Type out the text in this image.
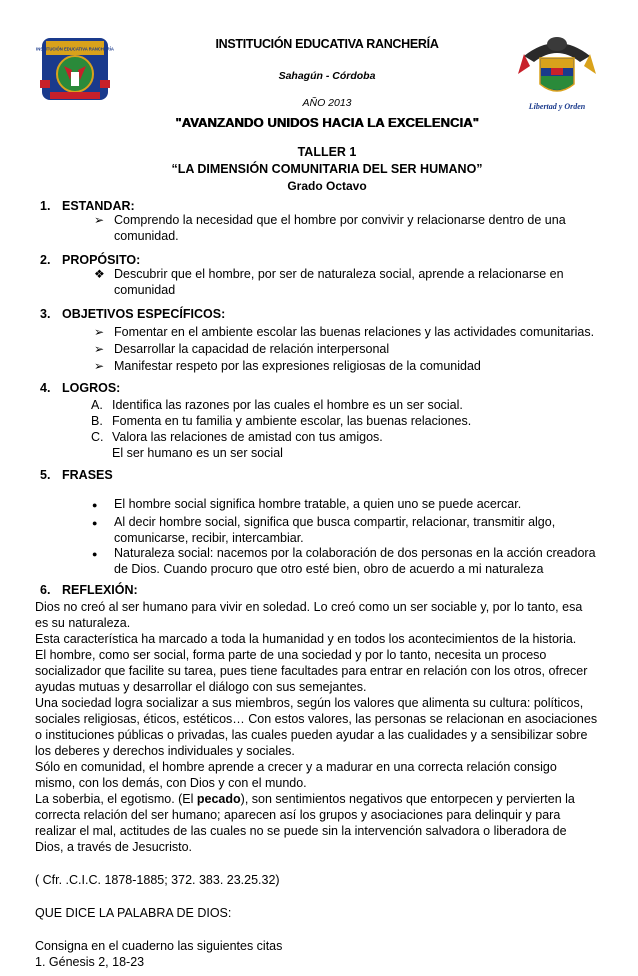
INSTITUCIÓN EDUCATIVA RANCHERÍA
Libertad y Orden
INSTITUCIÓN EDUCATIVA RANCHERÍA
Sahagún - Córdoba
AÑO 2013
"AVANZANDO UNIDOS HACIA LA EXCELENCIA"
TALLER 1
“LA DIMENSIÓN COMUNITARIA DEL SER HUMANO”
Grado Octavo
1. ESTANDAR:
➢ Comprendo la necesidad que el hombre por convivir y relacionarse dentro de una
comunidad.
2. PROPÓSITO:
❖ Descubrir que el hombre, por ser de naturaleza social, aprende a relacionarse en
comunidad
3. OBJETIVOS ESPECÍFICOS:
➢ Fomentar en el ambiente escolar las buenas relaciones y las actividades comunitarias.
➢ Desarrollar la capacidad de relación interpersonal
➢ Manifestar respeto por las expresiones religiosas de la comunidad
4. LOGROS:
A. Identifica las razones por las cuales el hombre es un ser social.
B. Fomenta en tu familia y ambiente escolar, las buenas relaciones.
C. Valora las relaciones de amistad con tus amigos.
El ser humano es un ser social
5. FRASES
● El hombre social significa hombre tratable, a quien uno se puede acercar.
● Al decir hombre social, significa que busca compartir, relacionar, transmitir algo,
comunicarse, recibir, intercambiar.
● Naturaleza social: nacemos por la colaboración de dos personas en la acción creadora
de Dios. Cuando procuro que otro esté bien, obro de acuerdo a mi naturaleza
6. REFLEXIÓN:
Dios no creó al ser humano para vivir en soledad. Lo creó como un ser sociable y, por lo tanto, esa
es su naturaleza.
Esta característica ha marcado a toda la humanidad y en todos los acontecimientos de la historia.
El hombre, como ser social, forma parte de una sociedad y por lo tanto, necesita un proceso
socializador que facilite su tarea, pues tiene facultades para entrar en relación con los otros, ofrecer
ayudas mutuas y desarrollar el diálogo con sus semejantes.
Una sociedad logra socializar a sus miembros, según los valores que alimenta su cultura: políticos,
sociales religiosas, éticos, estéticos… Con estos valores, las personas se relacionan en asociaciones
o instituciones públicas o privadas, las cuales pueden ayudar a las cualidades y a sensibilizar sobre
los deberes y derechos individuales y sociales.
Sólo en comunidad, el hombre aprende a crecer y a madurar en una correcta relación consigo
mismo, con los demás, con Dios y con el mundo.
La soberbia, el egotismo. (El pecado), son sentimientos negativos que entorpecen y pervierten la
correcta relación del ser humano; aparecen así los grupos y asociaciones para delinquir y para
realizar el mal, actitudes de las cuales no se puede sin la intervención salvadora o liberadora de
Dios, a través de Jesucristo.
( Cfr. .C.I.C. 1878-1885; 372. 383. 23.25.32)
QUE DICE LA PALABRA DE DIOS:
Consigna en el cuaderno las siguientes citas
1. Génesis 2, 18-23
